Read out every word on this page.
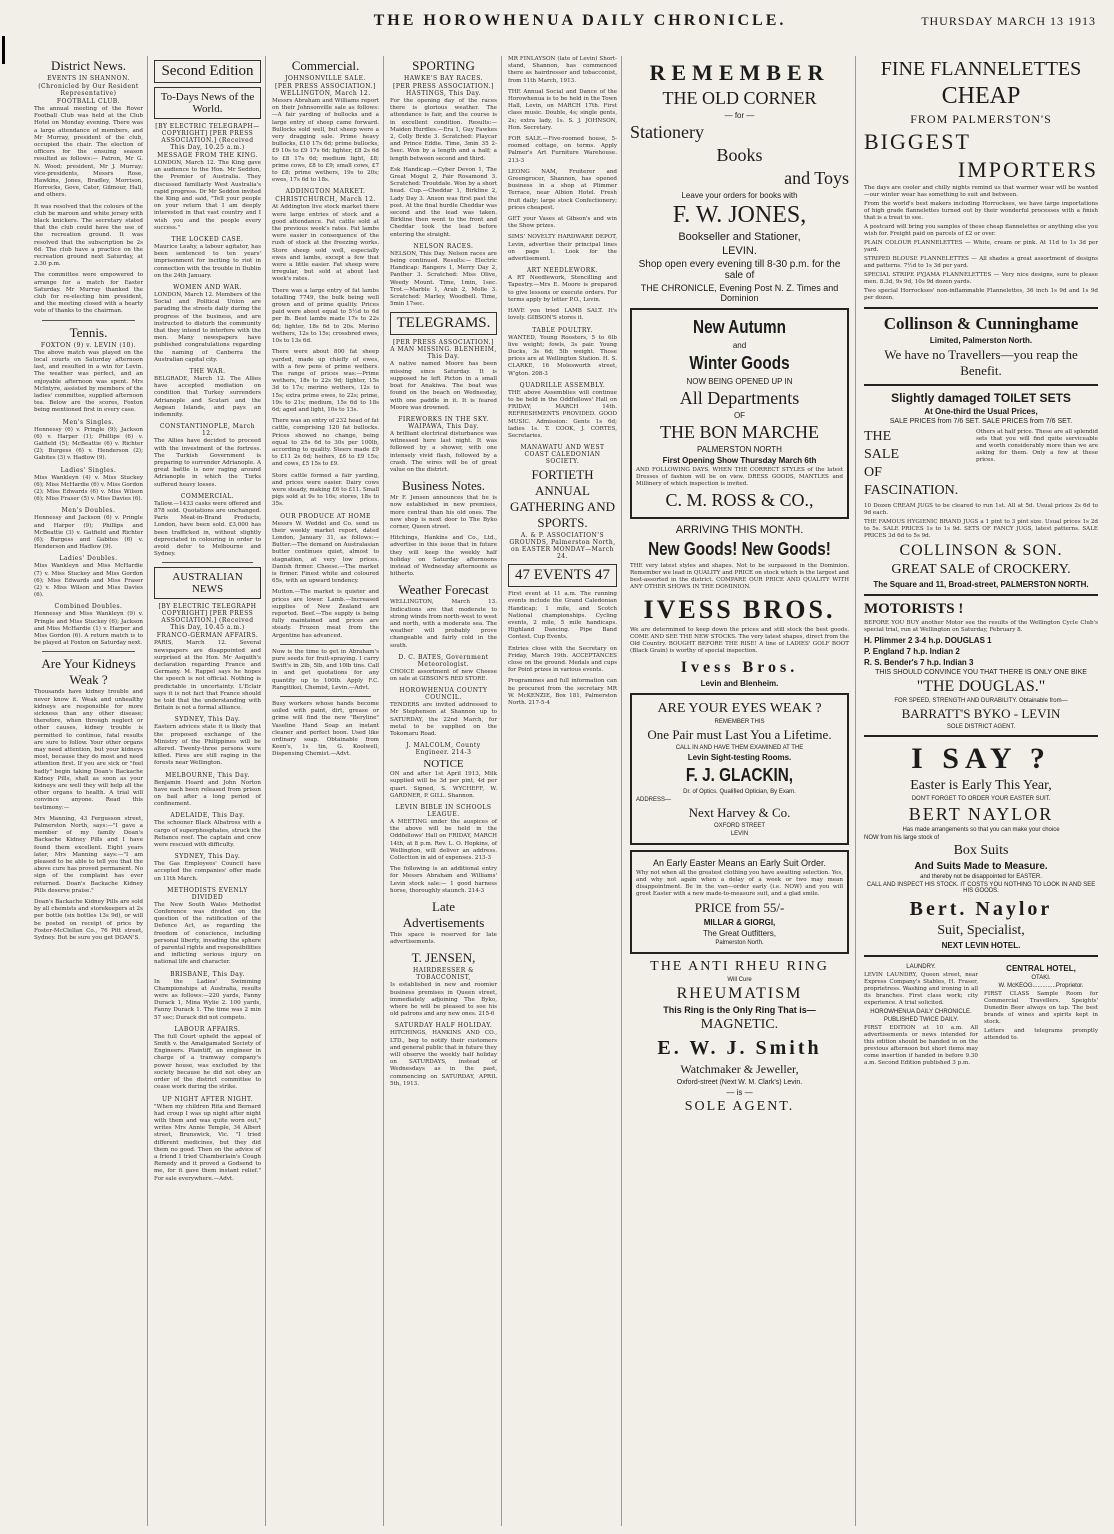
THE HOROWHENUA DAILY CHRONICLE.	THURSDAY MARCH 13 1913
District News.
EVENTS IN SHANNON.
(Chronicled by Our Resident Representative)
FOOTBALL CLUB.

The annual meeting of the Rover Football Club was held at the Club Hotel on Monday evening. There was a large attendance of members, and Mr Murray, president of the club, occupied the chair. The election of officers for the ensuing season resulted as follows:— Patron, Mr G. N. Wood; president, Mr J. Murray; vice-presidents, Messrs Rose, Hawkins, Jones, Bradley, Morrison, Horrocks, Gove, Cater, Gilmour, Hall, and others.

It was resolved that the colours of the club be maroon and white jersey with black knickers. The secretary stated that the club could have the use of the recreation ground. It was resolved that the subscription be 2s 6d. The club have a practice on the recreation ground next Saturday, at 2.30 p.m.

The committee were empowered to arrange for a match for Easter Saturday. Mr Murray thanked the club for re-electing him president, and the meeting closed with a hearty vote of thanks to the chairman.

Tennis.
FOXTON (9) v. LEVIN (10).

The above match was played on the local courts on Saturday afternoon last, and resulted in a win for Levin. The weather was perfect, and an enjoyable afternoon was spent. Mrs McIntyre, assisted by members of the ladies' committee, supplied afternoon tea. Below are the scores, Foxton being mentioned first in every case.

Men's Singles.

Hennessy (6) v. Pringle (9); Jackson (6) v. Harper (1); Phillips (6) v. Gatfield (5); McBeattie (6) v. Richter (2); Burgess (6) v. Henderson (2); Gabites (3) v. Hadlow (9).

Ladies' Singles.

Miss Wankleyn (4) v. Miss Stuckey (6); Miss McHardie (6) v. Miss Gordon (2); Miss Edwards (6) v. Miss Wilson (6); Miss Fraser (5) v. Miss Davies (6).

Men's Doubles.

Hennessy and Jackson (6) v. Pringle and Harper (9); Phillips and McBeattie (3) v. Gatfield and Richter (6); Burgess and Gabites (6) v. Henderson and Hadlow (9).

Ladies' Doubles.

Miss Wankleyn and Miss McHardie (7) v. Miss Stuckey and Miss Gordon (6); Miss Edwards and Miss Fraser (2) v. Miss Wilson and Miss Davies (6).

Combined Doubles.

Hennessy and Miss Wankleyn (9) v. Pringle and Miss Stuckey (6); Jackson and Miss McHardie (1) v. Harper and Miss Gordon (6). A return match is to be played at Foxton on Saturday next.

Are Your Kidneys Weak ?

Thousands have kidney trouble and never know it. Weak and unhealthy kidneys are responsible for more sickness than any other disease; therefore, when through neglect or other causes, kidney trouble is permitted to continue, fatal results are sure to follow. Your other organs may need attention, but your kidneys most, because they do most and need attention first. If you are sick or "feel badly" begin taking Doan's Backache Kidney Pills, shall as soon as your kidneys are well they will help all the other organs to health. A trial will convince anyone. Read this testimony:—

Mrs Manning, 43 Fergusson street, Palmerston North, says:—"I gave a member of my family Doan's Backache Kidney Pills and I have found them excellent. Eight years later, Mrs Manning says:—"I am pleased to be able to tell you that the above cure has proved permanent. No sign of the complaint has ever returned. Doan's Backache Kidney Pills deserve praise."

Doan's Backache Kidney Pills are sold by all chemists and storekeepers at 2s per bottle (six bottles 13s 9d), or will be posted on receipt of price by Foster-McClellan Co., 76 Pitt street, Sydney. But be sure you get DOAN'S.

Second Edition
To-Days News of the World.
[BY ELECTRIC TELEGRAPH—COPYRIGHT] [PER PRESS ASSOCIATION.] (Received This Day, 10.25 a.m.)
MESSAGE FROM THE KING.

LONDON, March 12. The King gave an audience to the Hon. Mr Seddon, the Premier of Australia. They discussed familiarly West Australia's rapid progress. Dr Mr Seddon invited the King and said, "Tell your people on your return that I am deeply interested in that vast country and I wish you and the people every success."

THE LOCKED CASE.

Maurice Leahy, a labour agitator, has been sentenced to ten years' imprisonment for inciting to riot in connection with the trouble in Dublin on the 24th January.

WOMEN AND WAR.

LONDON, March 12. Members of the Social and Political Union are parading the streets daily during the progress of the business, and are instructed to disturb the community that they intend to interfere with the men. Many newspapers have published congratulations regarding the naming of Canberra the Australian capital city.

THE WAR.

BELGRADE, March 12. The Allies have accepted mediation on condition that Turkey surrenders Adrianople and Scutari and the Aegean Islands, and pays an indemnity.

CONSTANTINOPLE, March 12.

The Allies have decided to proceed with the investment of the fortress. The Turkish Government is preparing to surrender Adrianople. A great battle is now raging around Adrianople in which the Turks suffered heavy losses.

COMMERCIAL.

Tallow.—1433 casks were offered and 878 sold. Quotations are unchanged. Paris Meat-in-Brand Products, London, have been sold. £3,000 has been trafficked in, without slightly depreciated in colouring in order to avoid defer to Melbourne and Sydney.

AUSTRALIAN NEWS
[BY ELECTRIC TELEGRAPH COPYRIGHT] [PER PRESS ASSOCIATION.] (Received This Day, 10.45 a.m.)
FRANCO-GERMAN AFFAIRS.

PARIS, March 12. Several newspapers are disappointed and surprised at the Hon. Mr Asquith's declaration regarding France and Germany. M. Rappel says he hopes the speech is not official. Nothing is predictable in uncertainty. L'Eclair says it is not fact that France should be told that the understanding with Britain is not a formal alliance.

SYDNEY, This Day.

Eastern advices state it is likely that the proposed exchange of the Ministry of the Philippines will be altered. Twenty-three persons were killed. Fires are still raging in the forests near Wellington.

MELBOURNE, This Day.

Benjamin Hoard and John Norton have each been released from prison on bail after a long period of confinement.

ADELAIDE, This Day.

The schooner Black Albatross with a cargo of superphosphates, struck the Reliance reef. The captain and crew were rescued with difficulty.

SYDNEY, This Day.

The Gas Employees' Council have accepted the companies' offer made on 11th March.

METHODISTS EVENLY DIVIDED

The New South Wales Methodist Conference was divided on the question of the ratification of the Defence Act, as regarding the freedom of conscience, including personal liberty, invading the sphere of parental rights and responsibilities and inflicting serious injury on national life and character.

BRISBANE, This Day.

In the Ladies' Swimming Championships at Australia, results were as follows:—220 yards, Fanny Durack 1, Mina Wylie 2. 100 yards, Fanny Durack 1. The time was 2 min 57 sec; Durack did not compete.

LABOUR AFFAIRS.

The full Court upheld the appeal of Smith v. the Amalgamated Society of Engineers. Plaintiff, an engineer in charge of a tramway company's power house, was excluded by the society because he did not obey an order of the district committee to cease work during the strike.

UP NIGHT AFTER NIGHT.

"When my children Rita and Bernard had croup I was up night after night with them and was quite worn out," writes Mrs Annie Temple, 34 Albert street, Brunswick, Vic. "I tried different medicines, but they did them no good. Then on the advice of a friend I tried Chamberlain's Cough Remedy and it proved a Godsend to me, for it gave them instant relief." For sale everywhere.—Advt.

Commercial.
JOHNSONVILLE SALE.
[PER PRESS ASSOCIATION.] WELLINGTON, March 12.

Messrs Abraham and Williams report on their Johnsonville sale as follows:—A fair yarding of bullocks and a large entry of sheep came forward. Bullocks sold well, but sheep were a very dragging sale. Prime heavy bullocks, £10 17s 6d; prime bullocks, £9 10s to £9 17s 6d; lighter, £8 2s 6d to £8 17s 6d; medium light, £8; prime cows, £8 to £9; small cows, £7 to £8; prime wethers, 19s to 20s; ewes, 17s 6d to 18s.

ADDINGTON MARKET.
CHRISTCHURCH, March 12.

At Addington live stock market there were large entries of stock and a good attendance. Fat cattle sold at the previous week's rates. Fat lambs were easier in consequence of the rush of stock at the freezing works. Store sheep sold well, especially ewes and lambs, except a few that were a little easier. Fat sheep were irregular, but sold at about last week's rates.

There was a large entry of fat lambs totalling 7749, the bulk being well grown and of prime quality. Prices paid were about equal to 5½d to 6d per lb. Best lambs made 17s to 22s 6d; lighter, 18s 6d to 20s. Merino wethers, 12s to 15s; crossbred ewes, 10s to 13s 6d.

There were about 800 fat sheep yarded, made up chiefly of ewes, with a few pens of prime wethers. The range of prices was:—Prime wethers, 18s to 22s 9d; lighter, 15s 3d to 17s; merino wethers, 12s to 15s; extra prime ewes, to 22s; prime, 19s to 21s; medium, 15s 6d to 18s 6d; aged and light, 10s to 13s.

There was an entry of 232 head of fat cattle, comprising 120 fat bullocks. Prices showed no change, being equal to 25s 6d to 30s per 100lb, according to quality. Steers made £9 to £11 2s 6d; heifers, £6 to £9 15s; and cows, £5 15s to £9.

Store cattle formed a fair yarding, and prices were easier. Dairy cows were steady, making £6 to £11. Small pigs sold at 9s to 16s; stores, 18s to 35s.

OUR PRODUCE AT HOME

Messrs W. Weddel and Co. send us their weekly market report, dated London, January 31, as follows:— Butter.—The demand on Australasian butter continues quiet, almost to stagnation, at very low prices. Danish firmer. Cheese.—The market is firmer. Finest white and coloured 65s, with an upward tendency.

Mutton.—The market is quieter and prices are lower. Lamb.—Increased supplies of New Zealand are reported. Beef.—The supply is being fully maintained and prices are steady. Frozen meat from the Argentine has advanced.

Now is the time to get in Abraham's pure seeds for fruit-spraying. I carry Swift's in 2lb, 5lb, and 10lb tins. Call in and get quotations for any quantity up to 100lb. Apply F.C. Rangitikei, Chemist, Levin.—Advt.

Busy workers whose hands become soiled with paint, dirt, grease or grime will find the new "Beryline" Vaseline Hand Soap an instant cleaner and perfect boon. Used like ordinary soap. Obtainable from Keen's, 1s tin, G. Koolwell, Dispensing Chemist.—Advt.

SPORTING
HAWKE'S BAY RACES.
[PER PRESS ASSOCIATION.] HASTINGS, This Day.

For the opening day of the races there is glorious weather. The attendance is fair, and the course is in excellent condition. Results:— Maiden Hurdles.—Era 1, Guy Fawkes 2, Colly Bride 3. Scratched: Playcar and Prince Eddie. Time, 3min 35 2-5sec. Won by a length and a half; a length between second and third.

Esk Handicap.—Cyber Devon 1, The Great Mogul 2, Fair Rosamond 3. Scratched: Troutdale. Won by a short head. Cup.—Cheddar 1, Birkline 2, Lady Day 3. Anson was first past the post. At the final hurdle Cheddar was second and the lead was taken. Birkline then went to the front and Cheddar took the lead before entering the straight.

NELSON RACES.

NELSON, This Day. Nelson races are being continued. Results:— Electric Handicap: Rangers 1, Merry Day 2, Panther 3. Scratched: Miss Olive, Weedy Mount. Time, 1min, 1sec. Trot.—Marble 1, Arab 2, Molle 3. Scratched: Marley, Woodbell. Time, 5min 17sec.

TELEGRAMS.
[PER PRESS ASSOCIATION.] A MAN MISSING. BLENHEIM, This Day.

A native named Moore has been missing since Saturday. It is supposed he left Picton in a small boat for Anakiwa. The boat was found on the beach on Wednesday, with one paddle in it. It is feared Moore was drowned.

FIREWORKS IN THE SKY. WAIPAWA, This Day.

A brilliant electrical disturbance was witnessed here last night. It was followed by a shower, with one intensely vivid flash, followed by a crash. The wires will be of great value on the district.

Business Notes.

Mr F. Jensen announces that he is now established in new premises, more central than his old ones. The new shop is next door to The Byko corner, Queen street.

Hitchings, Hankins and Co., Ltd., advertise in this issue that in future they will keep the weekly half holiday on Saturday afternoons instead of Wednesday afternoons as hitherto.

Weather Forecast

WELLINGTON, March 13. Indications are that moderate to strong winds from north-west to west and north, with a moderate sea. The weather will probably prove changeable and fairly cold in the south.

D. C. BATES, Government Meteorologist.

CHOICE assortment of new Cheese on sale at GIBSON'S RED STORE.

HOROWHENUA COUNTY COUNCIL.

TENDERS are invited addressed to Mr Stephenson at Shannon up to SATURDAY, the 22nd March, for metal to be supplied on the Tokomaru Road.

J. MALCOLM, County Engineer. 214-3
NOTICE

ON and after 1st April 1913, Milk supplied will be 3d per pint, 4d per quart. Signed, S. WYCHEFF, W. GARDNER, P. GILL. Shannon.

LEVIN BIBLE IN SCHOOLS LEAGUE.

A MEETING under the auspices of the above will be held in the Oddfellows' Hall on FRIDAY, MARCH 14th, at 8 p.m. Rev. L. O. Hopkins, of Wellington, will deliver an address. Collection in aid of expenses. 213-3

The following is an additional entry for Messrs Abraham and Williams' Levin stock sale:— 1 good harness horse, thoroughly staunch. 214-3

Late Advertisements

This space is reserved for late advertisements.

T. JENSEN,
HAIRDRESSER & TOBACCONIST,

Is established in new and roomier business premises in Queen street, immediately adjoining The Byko, where he will be pleased to see his old patrons and any new ones. 215-6

SATURDAY HALF HOLIDAY.

HITCHINGS, HANKINS AND CO., LTD., beg to notify their customers and general public that in future they will observe the weekly half holiday on SATURDAYS, instead of Wednesdays as in the past, commencing on SATURDAY, APRIL 5th, 1913.

MR FINLAYSON (late of Levin) Short-stand, Shannon, has commenced there as hairdresser and tobacconist, from 11th March, 1913.

THE Annual Social and Dance of the Horowhenua is to be held in the Town Hall, Levin, on MARCH 17th. First class music. Double, 4s; single gents, 2s; extra lady, 1s. S. J. JOHNSON, Hon. Secretary.

FOR SALE.—Five-roomed house, 5-roomed cottage, on terms. Apply Palmer's Art Furniture Warehouse. 213-3

LEONG NAM, Fruiterer and Greengrocer, Shannon, has opened business in a shop at Plimmer Terrace, near Albion Hotel. Fresh fruit daily; large stock Confectionery; prices cheapest.

GET your Vases at Gibson's and win the Show prizes.

SIMS' NOVELTY HARDWARE DEPOT, Levin, advertise their principal lines on page 1. Look for the advertisement.

ART NEEDLEWORK.

A RT Needlework, Stencilling and Tapestry.—Mrs E. Moore is prepared to give lessons or execute orders. For terms apply by letter P.O., Levin.

HAVE you tried LAMB SALT. It's lovely. GIBSON'S stores it.

TABLE POULTRY.

WANTED, Young Roosters, 5 to 6lb live weight; fowls, 3s pair. Young Ducks, 3s 6d; 5lb weight. Those prices are at Wellington Station. H. S. CLARKE, 16 Molesworth street, W'gton. 208-3

QUADRILLE ASSEMBLY.

THE above Assemblies will continue to be held in the Oddfellows' Hall on FRIDAY, MARCH 14th. REFRESHMENTS PROVIDED. GOOD MUSIC. Admission: Gents 1s 6d; ladies 1s. T. COOK, J. CORTES, Secretaries.

MANAWATU AND WEST COAST CALEDONIAN SOCIETY.
FORTIETH ANNUAL GATHERING AND SPORTS.
A. & P. ASSOCIATION'S GROUNDS, Palmerston North, on EASTER MONDAY—March 24.
47 EVENTS 47

First event at 11 a.m. The running events include the Grand Caledonian Handicap; 1 mile, and Scotch National championships. Cycling events, 2 mile, 5 mile handicaps. Highland Dancing. Pipe Band Contest. Cup Events.

Entries close with the Secretary on Friday, March 19th. ACCEPTANCES close on the ground. Medals and cups for Point prizes in various events.

Programmes and full information can be procured from the secretary MR W. McKENZIE, Box 181, Palmerston North. 217-5-4

REMEMBER
THE OLD CORNER
— for —
Stationery
Books
and Toys
Leave your orders for books with
F. W. JONES,
Bookseller and Stationer,
LEVIN.
Shop open every evening till 8-30 p.m. for the sale of
THE CHRONICLE, Evening Post N. Z. Times and Dominion
New Autumn
and
Winter Goods
NOW BEING OPENED UP IN
All Departments
OF
THE BON MARCHE
PALMERSTON NORTH
First Opening Show Thursday March 6th

AND FOLLOWING DAYS. WHEN THE CORRECT STYLES of the latest Dresses of fashion will be on view. DRESS GOODS, MANTLES and Millinery of which inspection is invited.

C. M. ROSS & CO.,
ARRIVING THIS MONTH.
New Goods! New Goods!

THE very latest styles and shapes. Not to be surpassed in the Dominion. Remember we lead in QUALITY and PRICE on stock which is the largest and best-assorted in the district. COMPARE OUR PRICE AND QUALITY WITH ANY OTHER SHOWS IN THE DOMINION.

IVESS BROS.

We are determined to keep down the prices and still stock the best goods. COME AND SEE THE NEW STOCKS. The very latest shapes, direct from the Old Country. BOUGHT BEFORE THE RISE! A line of LADIES' GOLF BOOT (Black Grain) is worthy of special inspection.

Ivess Bros.
Levin and Blenheim.
ARE YOUR EYES WEAK ?
REMEMBER THIS
One Pair must Last You a Lifetime.
CALL IN AND HAVE THEM EXAMINED AT THE
Levin Sight-testing Rooms.
F. J. GLACKIN,
Dr. of Optics. Qualified Optician, By Exam.
ADDRESS—
Next Harvey & Co.
OXFORD STREET
LEVIN
An Early Easter Means an Early Suit Order.

Why not when all the greatest clothing you have awaiting selection. Yes, and why not again when a delay of a week or two may mean disappointment. Be in the van—order early (i.e. NOW) and you will greet Easter with a new made-to-measure suit, and a glad smile.

PRICE from 55/-
MILLAR & GIORGI,
The Great Outfitters,
Palmerston North.
THE ANTI RHEU RING
Will Cure
RHEUMATISM
This Ring is the Only Ring That is—
MAGNETIC.
E. W. J. Smith
Watchmaker & Jeweller,
Oxford-street (Next W. M. Clark's) Levin.
— is —
SOLE AGENT.
FINE FLANNELETTES
CHEAP
FROM PALMERSTON'S
BIGGEST
IMPORTERS

The days are cooler and chilly nights remind us that warmer wear will be wanted—our winter wear has something to suit and between.

From the world's best makers including Horrockses, we have large importations of high grade flannelettes turned out by their wonderful processes with a finish that is a treat to see.

A postcard will bring you samples of these cheap flannelettes or anything else you wish for. Freight paid on parcels of £2 or over.

PLAIN COLOUR FLANNELETTES — White, cream or pink. At 11d to 1s 3d per yard.

STRIPED BLOUSE FLANNELETTES — All shades a great assortment of designs and patterns. 7½d to 1s 3d per yard.

SPECIAL STRIPE PYJAMA FLANNELETTES — Very nice designs, sure to please men. 8.3d, 9s 9d, 10s 9d dozen yards.

Two special Horrockses' non-inflammable Flannelettes, 36 inch 1s 9d and 1s 9d per dozen.

Collinson & Cunninghame
Limited, Palmerston North.
We have no Travellers—you reap the Benefit.
Slightly damaged TOILET SETS
At One-third the Usual Prices,
SALE PRICES from 7/6 SET. SALE PRICES from 7/6 SET.
THE
SALE
OF
FASCINATION.

Others at half price. These are all splendid sets that you will find quite serviceable and worth considerably more than we are asking for them. Only a few at these prices.

10 Dozen CREAM JUGS to be cleared to run 1st. All at 5d. Usual prices 2s 6d to 9d each.

THE FAMOUS HYGIENIC BRAND JUGS a 1 pint to 3 pint size. Usual prices 1s 2d to 5s. SALE PRICES 1s to 1s 9d. SETS OF FANCY JUGS, latest patterns. SALE PRICES 3d 6d to 5s 9d.

COLLINSON & SON.
GREAT SALE of CROCKERY.
The Square and 11, Broad-street, PALMERSTON NORTH.
MOTORISTS !

BEFORE YOU BUY another Motor see the results of the Wellington Cycle Club's special trial, run at Wellington on Saturday, February 8.

H. Plimmer 2 3-4 h.p. DOUGLAS 1
P. England 7 h.p. Indian 2
R. S. Bender's 7 h.p. Indian 3
THIS SHOULD CONVINCE YOU THAT THERE IS ONLY ONE BIKE
"THE DOUGLAS."
FOR SPEED, STRENGTH AND DURABILITY. Obtainable from—
BARRATT'S BYKO - LEVIN
SOLE DISTRICT AGENT.
I SAY ?
Easter is Early This Year,
DON'T FORGET TO ORDER YOUR EASTER SUIT.
BERT NAYLOR
Has made arrangements so that you can make your choice
NOW from his large stock of
Box Suits
And Suits Made to Measure.
and thereby not be disappointed for EASTER.
CALL AND INSPECT HIS STOCK. IT COSTS YOU NOTHING TO LOOK IN AND SEE HIS GOODS.
Bert. Naylor
Suit, Specialist,
NEXT LEVIN HOTEL.
LAUNDRY.

LEVIN LAUNDRY, Queen street, near Express Company's Stables, H. Fraser, proprietress. Washing and ironing in all its branches. First class work; city experience. A trial solicited.

HOROWHENUA DAILY CHRONICLE.
PUBLISHED TWICE DAILY.

FIRST EDITION at 10 a.m. All advertisements or news intended for this edition should be handed in on the previous afternoon but short items may come insertion if handed in before 9.30 a.m. Second Edition published 3 p.m.

CENTRAL HOTEL,
OTAKI.
W. McKEOG..............Proprietor.

FIRST CLASS Sample Room for Commercial Travellers. Speights' Dunedin Beer always on tap. The best brands of wines and spirits kept in stock.

Letters and telegrams promptly attended to.
